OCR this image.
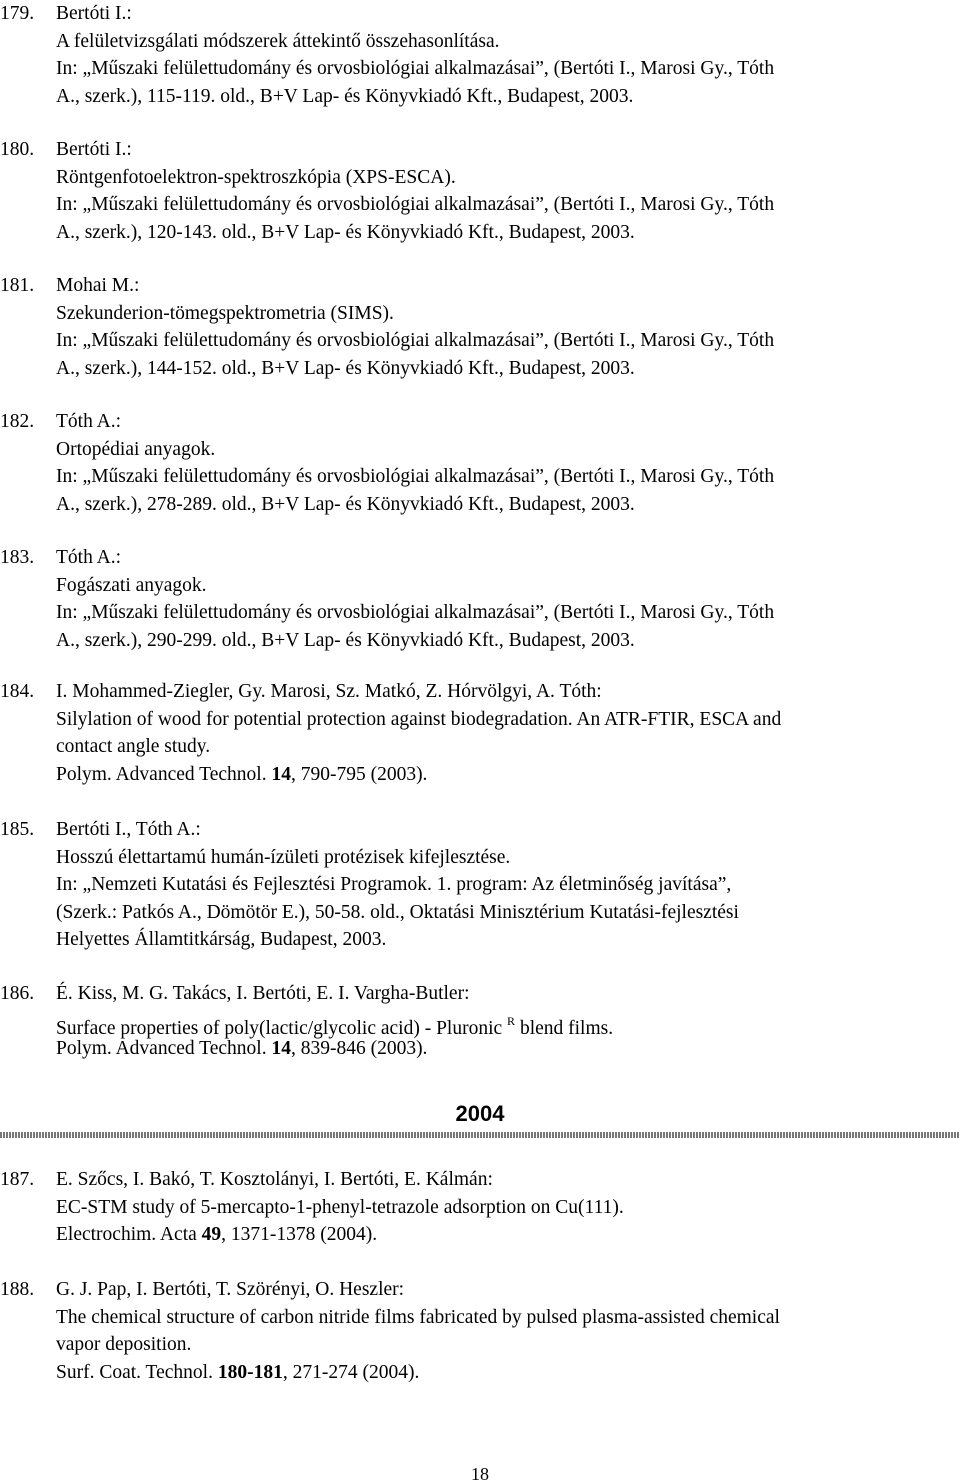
179.	Bertóti I.:
A felületvizsgálati módszerek áttekintő összehasonlítása.
In: „Műszaki felülettudomány és orvosbiológiai alkalmazásai”, (Bertóti I., Marosi Gy., Tóth
A., szerk.), 115-119. old., B+V Lap- és Könyvkiadó Kft., Budapest, 2003.
180.	Bertóti I.:
Röntgenfotoelektron-spektroszkópia (XPS-ESCA).
In: „Műszaki felülettudomány és orvosbiológiai alkalmazásai”, (Bertóti I., Marosi Gy., Tóth
A., szerk.), 120-143. old., B+V Lap- és Könyvkiadó Kft., Budapest, 2003.
181.	Mohai M.:
Szekunderion-tömegspektrometria (SIMS).
In: „Műszaki felülettudomány és orvosbiológiai alkalmazásai”, (Bertóti I., Marosi Gy., Tóth
A., szerk.), 144-152. old., B+V Lap- és Könyvkiadó Kft., Budapest, 2003.
182.	Tóth A.:
Ortopédiai anyagok.
In: „Műszaki felülettudomány és orvosbiológiai alkalmazásai”, (Bertóti I., Marosi Gy., Tóth
A., szerk.), 278-289. old., B+V Lap- és Könyvkiadó Kft., Budapest, 2003.
183.	Tóth A.:
Fogászati anyagok.
In: „Műszaki felülettudomány és orvosbiológiai alkalmazásai”, (Bertóti I., Marosi Gy., Tóth
A., szerk.), 290-299. old., B+V Lap- és Könyvkiadó Kft., Budapest, 2003.
184.	I. Mohammed-Ziegler, Gy. Marosi, Sz. Matkó, Z. Hórvölgyi, A. Tóth:
Silylation of wood for potential protection against biodegradation. An ATR-FTIR, ESCA and
contact angle study.
Polym. Advanced Technol. 14, 790-795 (2003).
185.	Bertóti I., Tóth A.:
Hosszú élettartamú humán-ízületi protézisek kifejlesztése.
In: „Nemzeti Kutatási és Fejlesztési Programok. 1. program: Az életminőség javítása”,
(Szerk.: Patkós A., Dömötör E.), 50-58. old., Oktatási Minisztérium Kutatási-fejlesztési
Helyettes Államtitkárság, Budapest, 2003.
186.	É. Kiss, M. G. Takács, I. Bertóti, E. I. Vargha-Butler:
Surface properties of poly(lactic/glycolic acid) - Pluronic $^R$ blend films.
Polym. Advanced Technol. 14, 839-846 (2003).
2004
187.	E. Szőcs, I. Bakó, T. Kosztolányi, I. Bertóti, E. Kálmán:
EC-STM study of 5-mercapto-1-phenyl-tetrazole adsorption on Cu(111).
Electrochim. Acta 49, 1371-1378 (2004).
188.	G. J. Pap, I. Bertóti, T. Szörényi, O. Heszler:
The chemical structure of carbon nitride films fabricated by pulsed plasma-assisted chemical
vapor deposition.
Surf. Coat. Technol. 180-181, 271-274 (2004).
18
